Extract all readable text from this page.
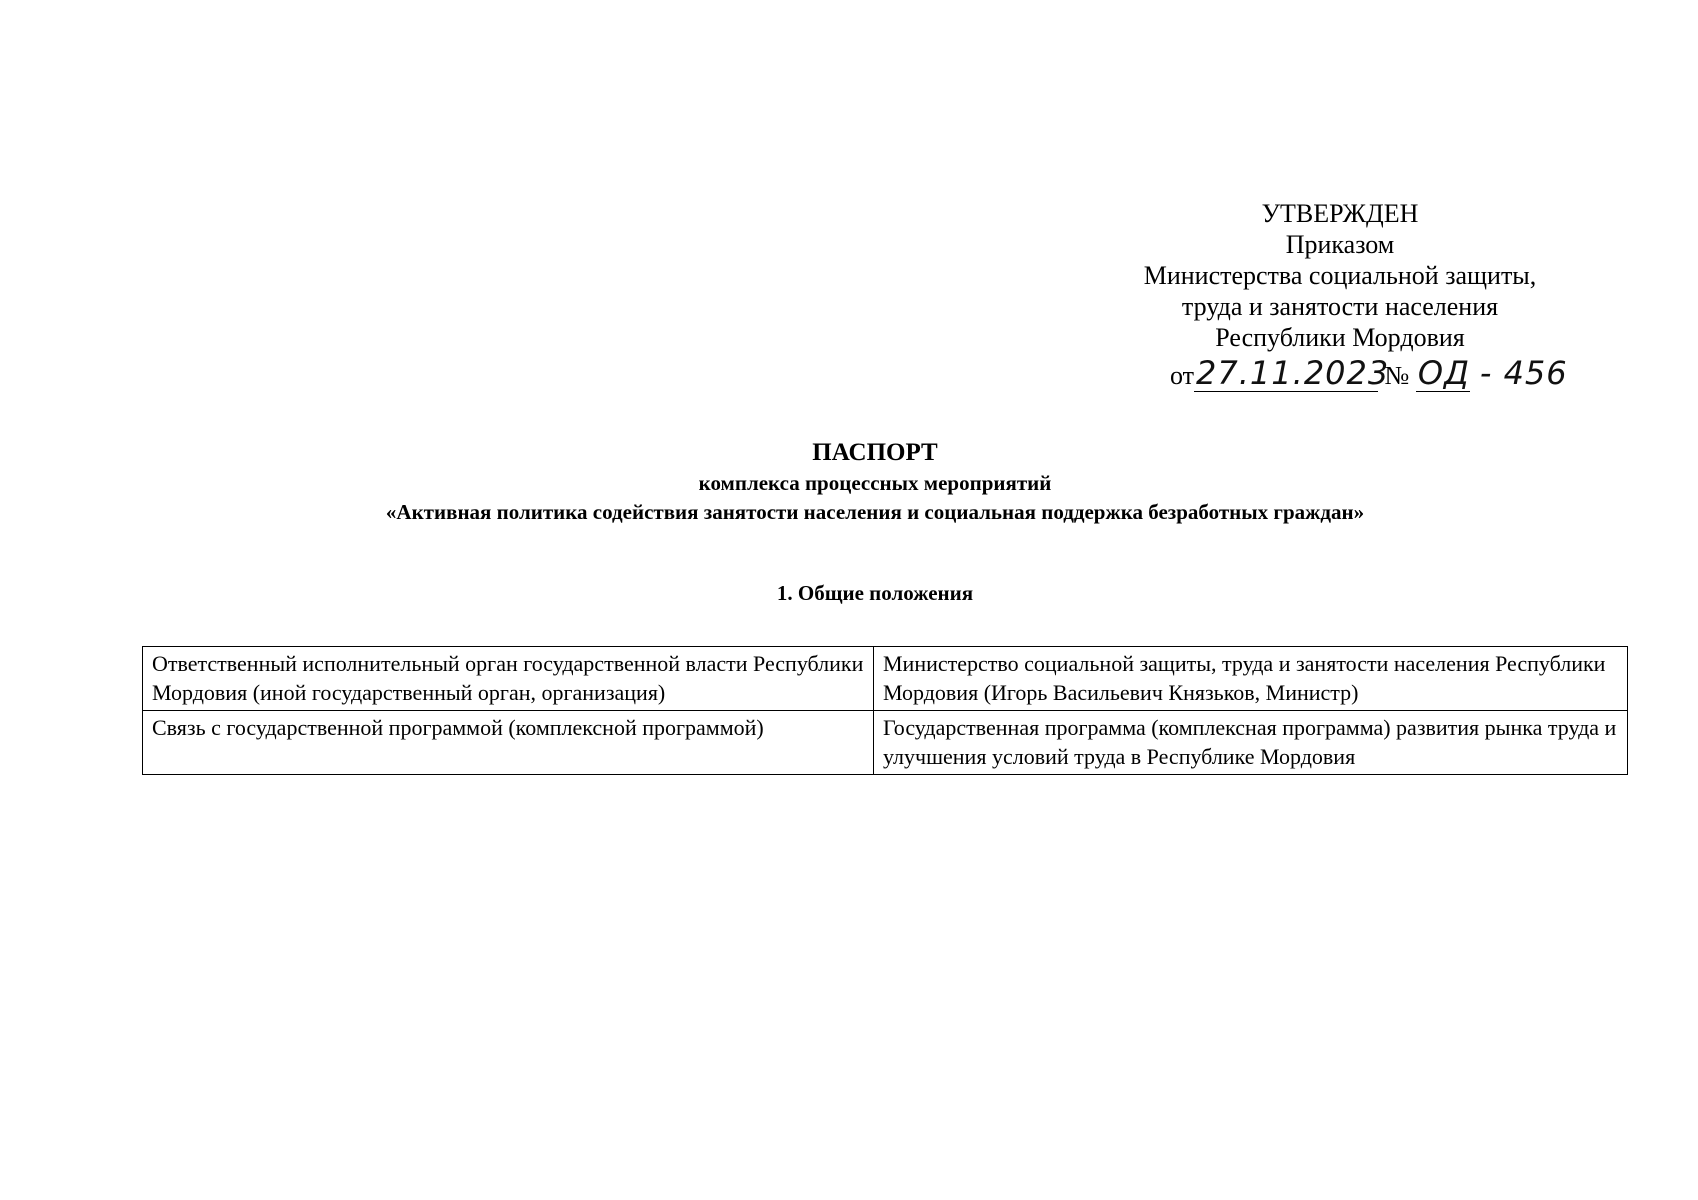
УТВЕРЖДЕН
Приказом
Министерства социальной защиты,
труда и занятости населения
Республики Мордовия
от27.11.2023 № ОД - 456
ПАСПОРТ
комплекса процессных мероприятий
«Активная политика содействия занятости населения и социальная поддержка безработных граждан»
1. Общие положения
Ответственный исполнительный орган государственной власти Республики Мордовия (иной государственный орган, организация)	Министерство социальной защиты, труда и занятости населения Республики Мордовия (Игорь Васильевич Князьков, Министр)
Связь с государственной программой (комплексной программой)	Государственная программа (комплексная программа) развития рынка труда и улучшения условий труда в Республике Мордовия
